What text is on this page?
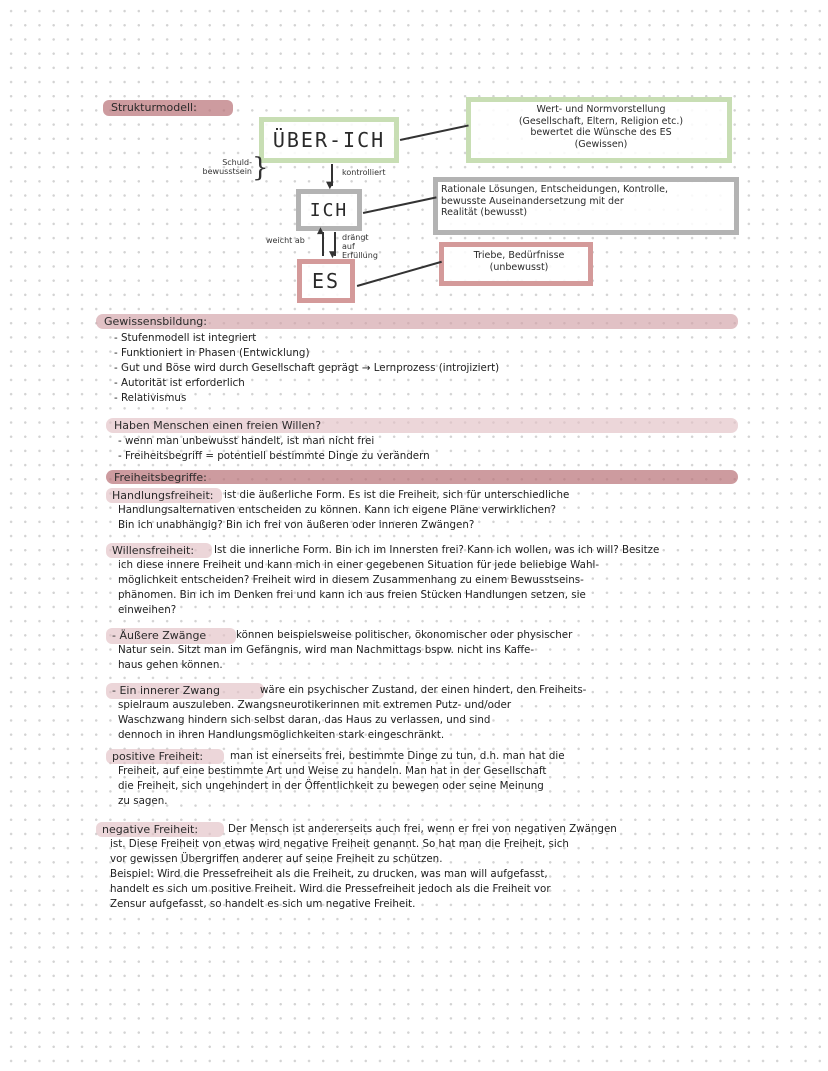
Strukturmodell:
ÜBER-ICH
ICH
ES
▼
▲
▼
Schuld-
bewusstsein }	kontrolliert
weicht ab	drängt
auf
Erfüllung
Wert- und Normvorstellung
(Gesellschaft, Eltern, Religion etc.)
bewertet die Wünsche des ES
(Gewissen)
Rationale Lösungen, Entscheidungen, Kontrolle,
bewusste Auseinandersetzung mit der
Realität (bewusst)
Triebe, Bedürfnisse
(unbewusst)
Gewissensbildung:
- Stufenmodell ist integriert
- Funktioniert in Phasen (Entwicklung)
- Gut und Böse wird durch Gesellschaft geprägt → Lernprozess (introjiziert)
- Autorität ist erforderlich
- Relativismus
Haben Menschen einen freien Willen?
- wenn man unbewusst handelt, ist man nicht frei
- Freiheitsbegriff = potentiell bestimmte Dinge zu verändern
Freiheitsbegriffe:
Handlungsfreiheit:	ist die äußerliche Form. Es ist die Freiheit, sich für unterschiedliche
Handlungsalternativen entscheiden zu können. Kann ich eigene Pläne verwirklichen?
Bin ich unabhängig? Bin ich frei von äußeren oder inneren Zwängen?
Willensfreiheit:	Ist die innerliche Form. Bin ich im Innersten frei? Kann ich wollen, was ich will? Besitze
ich diese innere Freiheit und kann mich in einer gegebenen Situation für jede beliebige Wahl-
möglichkeit entscheiden? Freiheit wird in diesem Zusammenhang zu einem Bewusstseins-
phänomen. Bin ich im Denken frei und kann ich aus freien Stücken Handlungen setzen, sie
einweihen?
- Äußere Zwänge	können beispielsweise politischer, ökonomischer oder physischer
Natur sein. Sitzt man im Gefängnis, wird man Nachmittags bspw. nicht ins Kaffe-
haus gehen können.
- Ein innerer Zwang	wäre ein psychischer Zustand, der einen hindert, den Freiheits-
spielraum auszuleben. Zwangsneurotikerinnen mit extremen Putz- und/oder
Waschzwang hindern sich selbst daran, das Haus zu verlassen, und sind
dennoch in ihren Handlungsmöglichkeiten stark eingeschränkt.
positive Freiheit:	man ist einerseits frei, bestimmte Dinge zu tun, d.h. man hat die
Freiheit, auf eine bestimmte Art und Weise zu handeln. Man hat in der Gesellschaft
die Freiheit, sich ungehindert in der Öffentlichkeit zu bewegen oder seine Meinung
zu sagen.
negative Freiheit:	Der Mensch ist andererseits auch frei, wenn er frei von negativen Zwängen
ist. Diese Freiheit von etwas wird negative Freiheit genannt. So hat man die Freiheit, sich
vor gewissen Übergriffen anderer auf seine Freiheit zu schützen.
Beispiel: Wird die Pressefreiheit als die Freiheit, zu drucken, was man will aufgefasst,
handelt es sich um positive Freiheit. Wird die Pressefreiheit jedoch als die Freiheit vor
Zensur aufgefasst, so handelt es sich um negative Freiheit.
